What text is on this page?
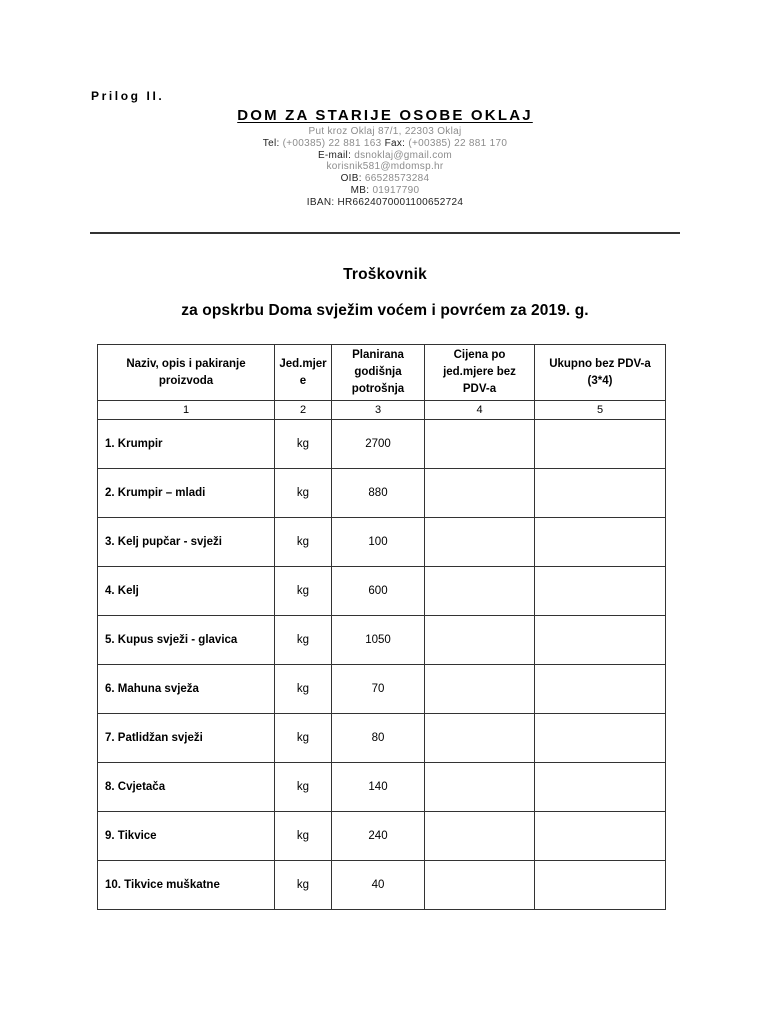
Prilog II.
DOM ZA STARIJE OSOBE OKLAJ
Put kroz Oklaj 87/1, 22303 Oklaj
Tel: (+00385) 22 881 163 Fax: (+00385) 22 881 170
E-mail: dsnoklaj@gmail.com
korisnik581@mdomsp.hr
OIB: 66528573284
MB: 01917790
IBAN: HR6624070001100652724
Troškovnik
za opskrbu Doma svježim voćem i povrćem za 2019. g.
Naziv, opis i pakiranje proizvoda	Jed.mjere	Planirana godišnja potrošnja	Cijena po jed.mjere bez PDV-a	Ukupno bez PDV-a (3*4)
1	2	3	4	5
1. Krumpir	kg	2700		
2. Krumpir – mladi	kg	880		
3. Kelj pupčar - svježi	kg	100		
4. Kelj	kg	600		
5. Kupus svježi - glavica	kg	1050		
6. Mahuna svježa	kg	70		
7. Patlidžan svježi	kg	80		
8. Cvjetača	kg	140		
9. Tikvice	kg	240		
10. Tikvice muškatne	kg	40		
